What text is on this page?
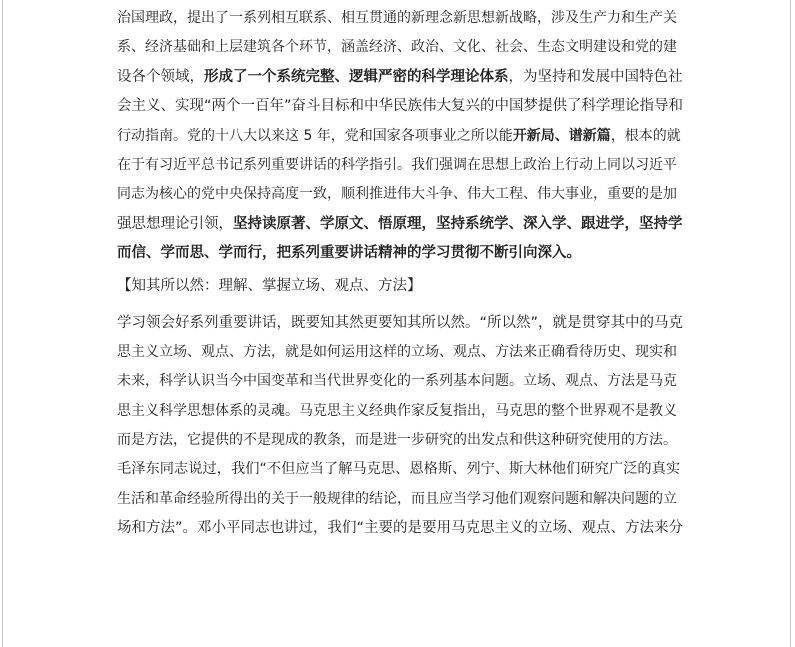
治国理政，提出了一系列相互联系、相互贯通的新理念新思想新战略，涉及生产力和生产关
系、经济基础和上层建筑各个环节，涵盖经济、政治、文化、社会、生态文明建设和党的建
设各个领域，形成了一个系统完整、逻辑严密的科学理论体系，为坚持和发展中国特色社
会主义、实现“两个一百年”奋斗目标和中华民族伟大复兴的中国梦提供了科学理论指导和
行动指南。党的十八大以来这 5 年，党和国家各项事业之所以能开新局、谱新篇，根本的就
在于有习近平总书记系列重要讲话的科学指引。我们强调在思想上政治上行动上同以习近平
同志为核心的党中央保持高度一致，顺利推进伟大斗争、伟大工程、伟大事业，重要的是加
强思想理论引领，坚持读原著、学原文、悟原理，坚持系统学、深入学、跟进学，坚持学
而信、学而思、学而行，把系列重要讲话精神的学习贯彻不断引向深入。
【知其所以然：理解、掌握立场、观点、方法】
学习领会好系列重要讲话，既要知其然更要知其所以然。“所以然”，就是贯穿其中的马克
思主义立场、观点、方法，就是如何运用这样的立场、观点、方法来正确看待历史、现实和
未来，科学认识当今中国变革和当代世界变化的一系列基本问题。立场、观点、方法是马克
思主义科学思想体系的灵魂。马克思主义经典作家反复指出，马克思的整个世界观不是教义
而是方法，它提供的不是现成的教条，而是进一步研究的出发点和供这种研究使用的方法。
毛泽东同志说过，我们“不但应当了解马克思、恩格斯、列宁、斯大林他们研究广泛的真实
生活和革命经验所得出的关于一般规律的结论，而且应当学习他们观察问题和解决问题的立
场和方法”。邓小平同志也讲过，我们“主要的是要用马克思主义的立场、观点、方法来分
